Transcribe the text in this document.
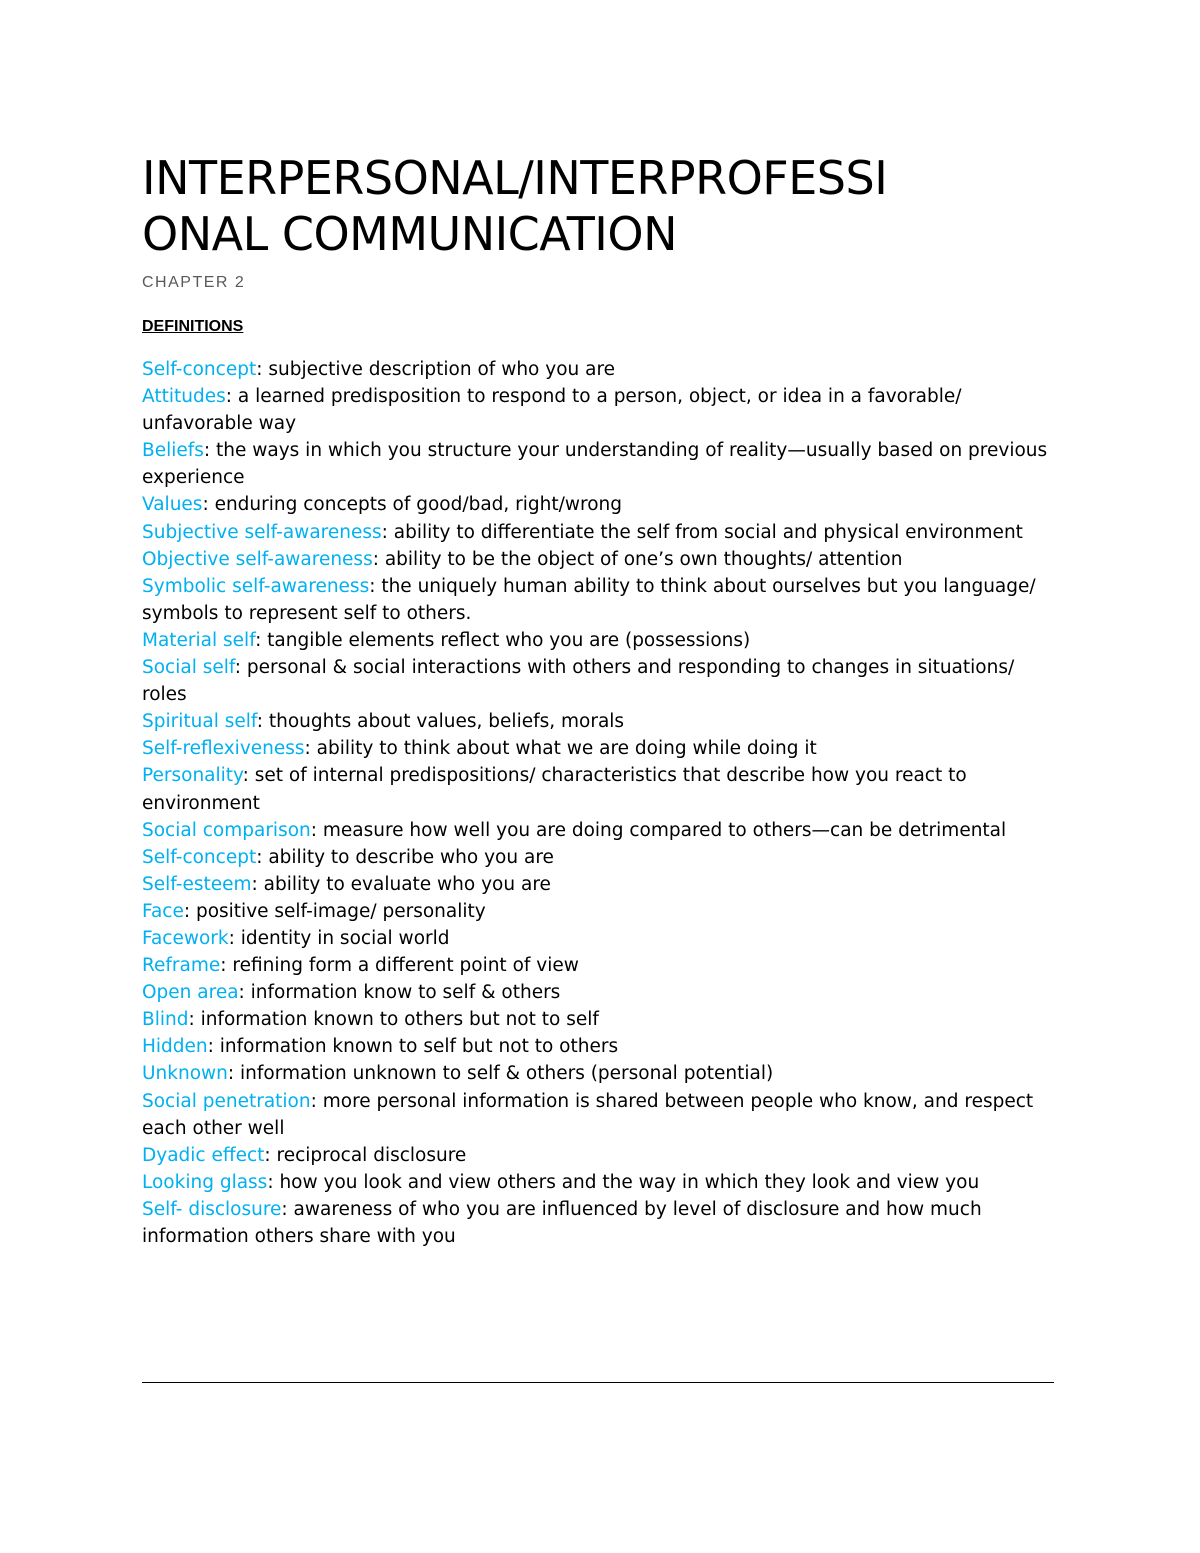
INTERPERSONAL/INTERPROFESSI
ONAL COMMUNICATION
CHAPTER 2
DEFINITIONS
Self-concept: subjective description of who you are
Attitudes: a learned predisposition to respond to a person, object, or idea in a favorable/ unfavorable way
Beliefs: the ways in which you structure your understanding of reality—usually based on previous experience
Values: enduring concepts of good/bad, right/wrong
Subjective self-awareness: ability to differentiate the self from social and physical environment
Objective self-awareness: ability to be the object of one’s own thoughts/ attention
Symbolic self-awareness: the uniquely human ability to think about ourselves but you language/ symbols to represent self to others.
Material self: tangible elements reflect who you are (possessions)
Social self: personal & social interactions with others and responding to changes in situations/ roles
Spiritual self: thoughts about values, beliefs, morals
Self-reflexiveness: ability to think about what we are doing while doing it
Personality: set of internal predispositions/ characteristics that describe how you react to environment
Social comparison: measure how well you are doing compared to others—can be detrimental
Self-concept: ability to describe who you are
Self-esteem: ability to evaluate who you are
Face: positive self-image/ personality
Facework: identity in social world
Reframe: refining form a different point of view
Open area: information know to self & others
Blind: information known to others but not to self
Hidden: information known to self but not to others
Unknown: information unknown to self & others (personal potential)
Social penetration: more personal information is shared between people who know, and respect each other well
Dyadic effect: reciprocal disclosure
Looking glass: how you look and view others and the way in which they look and view you
Self- disclosure: awareness of who you are influenced by level of disclosure and how much information others share with you
